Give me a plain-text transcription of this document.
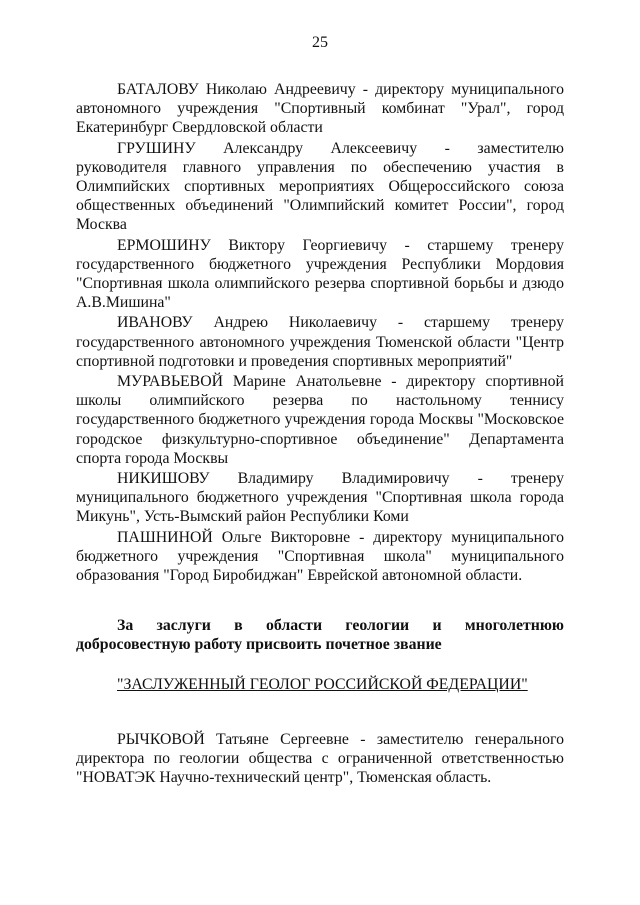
25

БАТАЛОВУ Николаю Андреевичу - директору муниципального автономного учреждения "Спортивный комбинат "Урал", город Екатеринбург Свердловской области

ГРУШИНУ Александру Алексеевичу - заместителю руководителя главного управления по обеспечению участия в Олимпийских спортивных мероприятиях Общероссийского союза общественных объединений "Олимпийский комитет России", город Москва

ЕРМОШИНУ Виктору Георгиевичу - старшему тренеру государственного бюджетного учреждения Республики Мордовия "Спортивная школа олимпийского резерва спортивной борьбы и дзюдо А.В.Мишина"

ИВАНОВУ Андрею Николаевичу - старшему тренеру государственного автономного учреждения Тюменской области "Центр спортивной подготовки и проведения спортивных мероприятий"

МУРАВЬЕВОЙ Марине Анатольевне - директору спортивной школы олимпийского резерва по настольному теннису государственного бюджетного учреждения города Москвы "Московское городское физкультурно-спортивное объединение" Департамента спорта города Москвы

НИКИШОВУ Владимиру Владимировичу - тренеру муниципального бюджетного учреждения "Спортивная школа города Микунь", Усть-Вымский район Республики Коми

ПАШНИНОЙ Ольге Викторовне - директору муниципального бюджетного учреждения "Спортивная школа" муниципального образования "Город Биробиджан" Еврейской автономной области.

За заслуги в области геологии и многолетнюю добросовестную работу присвоить почетное звание

"ЗАСЛУЖЕННЫЙ ГЕОЛОГ РОССИЙСКОЙ ФЕДЕРАЦИИ"

РЫЧКОВОЙ Татьяне Сергеевне - заместителю генерального директора по геологии общества с ограниченной ответственностью "НОВАТЭК Научно-технический центр", Тюменская область.
